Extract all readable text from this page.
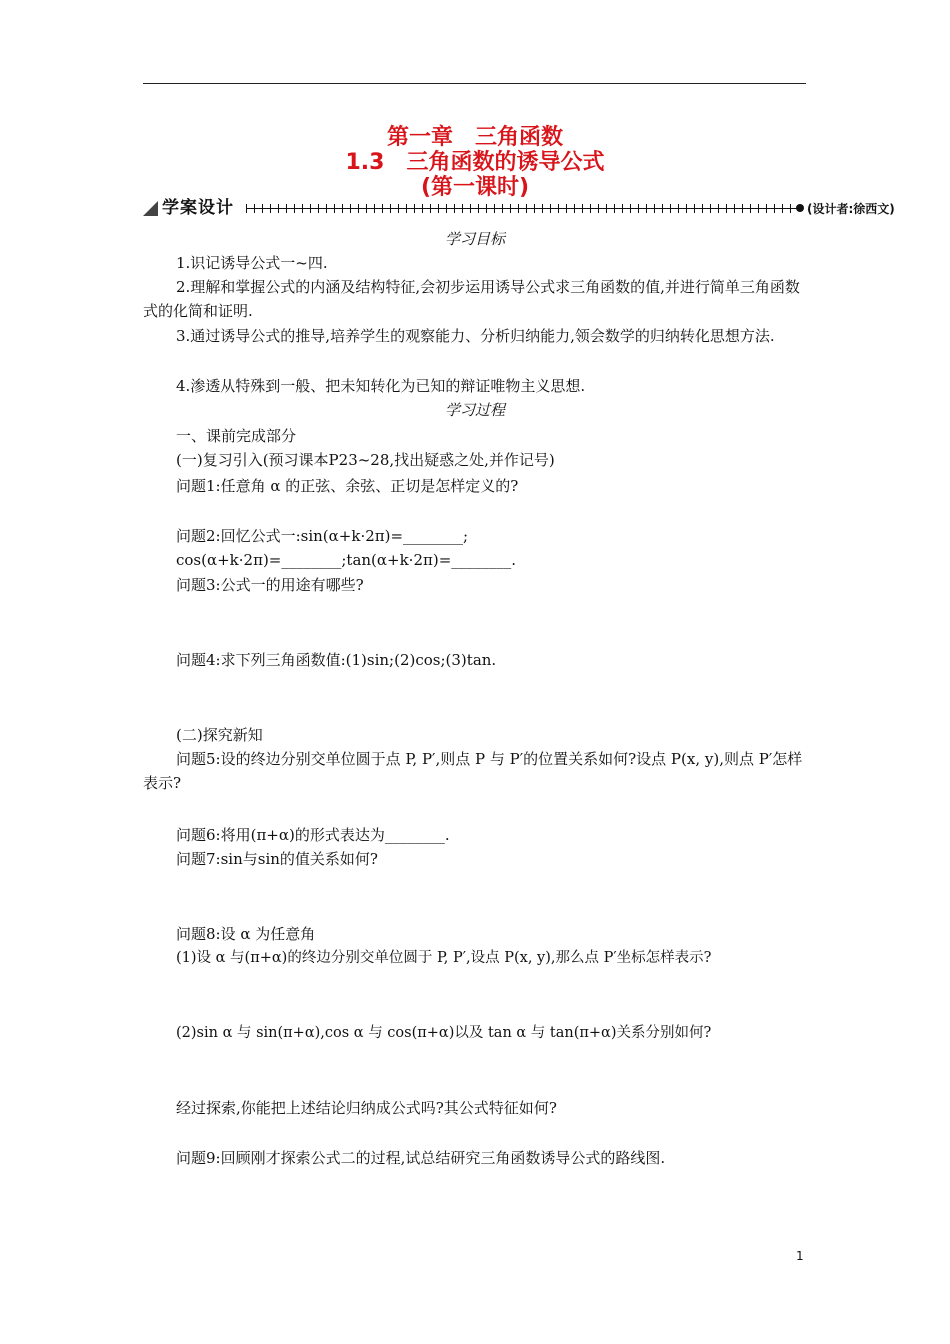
第一章　三角函数
1.3　三角函数的诱导公式
(第一课时)
学案设计	(设计者:徐西文)
学习目标
1.识记诱导公式一~四.
2.理解和掌握公式的内涵及结构特征,会初步运用诱导公式求三角函数的值,并进行简单三角函数式的化简和证明.
3.通过诱导公式的推导,培养学生的观察能力、分析归纳能力,领会数学的归纳转化思想方法.
4.渗透从特殊到一般、把未知转化为已知的辩证唯物主义思想.
学习过程
一、课前完成部分
(一)复习引入(预习课本P23~28,找出疑惑之处,并作记号)
问题1:任意角 α 的正弦、余弦、正切是怎样定义的?
问题2:回忆公式一:sin(α+k·2π)=________;
cos(α+k·2π)=________;tan(α+k·2π)=________.
问题3:公式一的用途有哪些?
问题4:求下列三角函数值:(1)sin;(2)cos;(3)tan.
(二)探究新知
问题5:设的终边分别交单位圆于点 P, P′,则点 P 与 P′的位置关系如何?设点 P(x, y),则点 P′怎样表示?
问题6:将用(π+α)的形式表达为________.
问题7:sin与sin的值关系如何?
问题8:设 α 为任意角
(1)设 α 与(π+α)的终边分别交单位圆于 P, P′,设点 P(x, y),那么点 P′坐标怎样表示?
(2)sin α 与 sin(π+α),cos α 与 cos(π+α)以及 tan α 与 tan(π+α)关系分别如何?
经过探索,你能把上述结论归纳成公式吗?其公式特征如何?
问题9:回顾刚才探索公式二的过程,试总结研究三角函数诱导公式的路线图.
1
